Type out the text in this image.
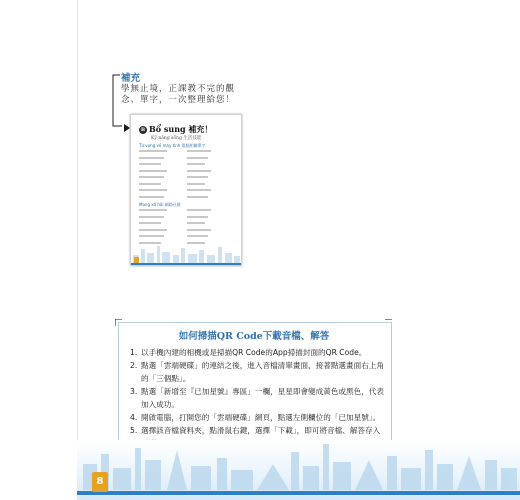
補充
學無止境，正課教不完的觀
念、單字，一次整理給您！
B Bổ sung 補充！
Kỹ năng sống 生活技能
Từ vựng về máy tính 電腦相關單字
Mạng xã hội 網路社群
如何掃描QR Code下載音檔、解答
1. 以手機內建的相機或是掃描QR Code的App掃描封面的QR Code。
2. 點選「雲端硬碟」的連結之後，進入音檔清單畫面，接著點選畫面右上角
的「三個點」。
3. 點選「新增至『已加星號』專區」一欄，星星即會變成黃色或黑色，代表
加入成功。
4. 開啟電腦，打開您的「雲端硬碟」網頁，點選左側欄位的「已加星號」。
5. 選擇該音檔資料夾，點滑鼠右鍵，選擇「下載」，即可將音檔、解答存入
8
